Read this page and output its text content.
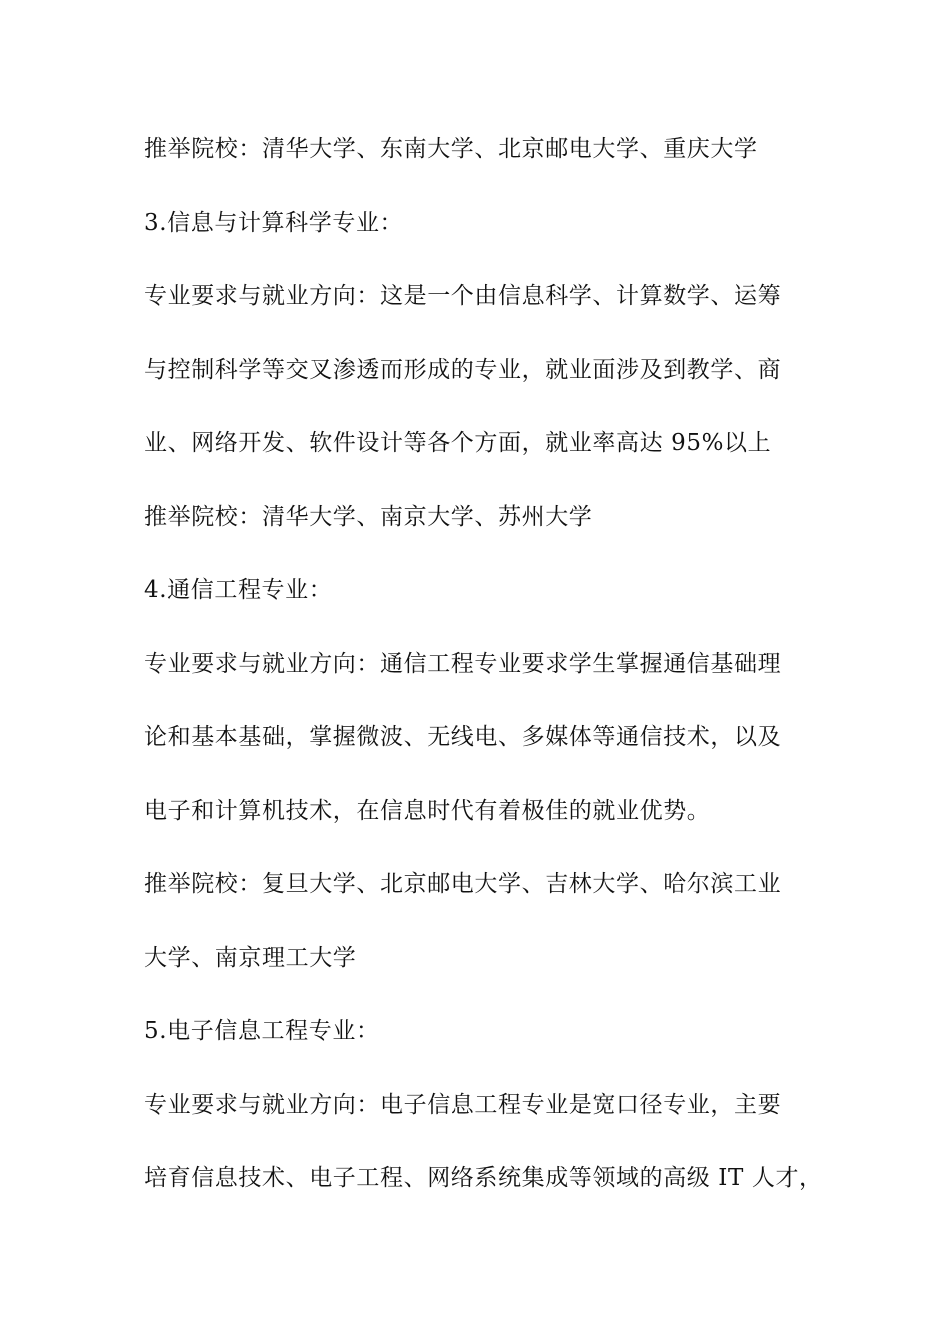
推举院校：清华大学、东南大学、北京邮电大学、重庆大学

3.信息与计算科学专业：

专业要求与就业方向：这是一个由信息科学、计算数学、运筹

与控制科学等交叉渗透而形成的专业，就业面涉及到教学、商

业、网络开发、软件设计等各个方面，就业率高达 95%以上

推举院校：清华大学、南京大学、苏州大学

4.通信工程专业：

专业要求与就业方向：通信工程专业要求学生掌握通信基础理

论和基本基础，掌握微波、无线电、多媒体等通信技术，以及

电子和计算机技术，在信息时代有着极佳的就业优势。

推举院校：复旦大学、北京邮电大学、吉林大学、哈尔滨工业

大学、南京理工大学

5.电子信息工程专业：

专业要求与就业方向：电子信息工程专业是宽口径专业，主要

培育信息技术、电子工程、网络系统集成等领域的高级 IT 人才，
